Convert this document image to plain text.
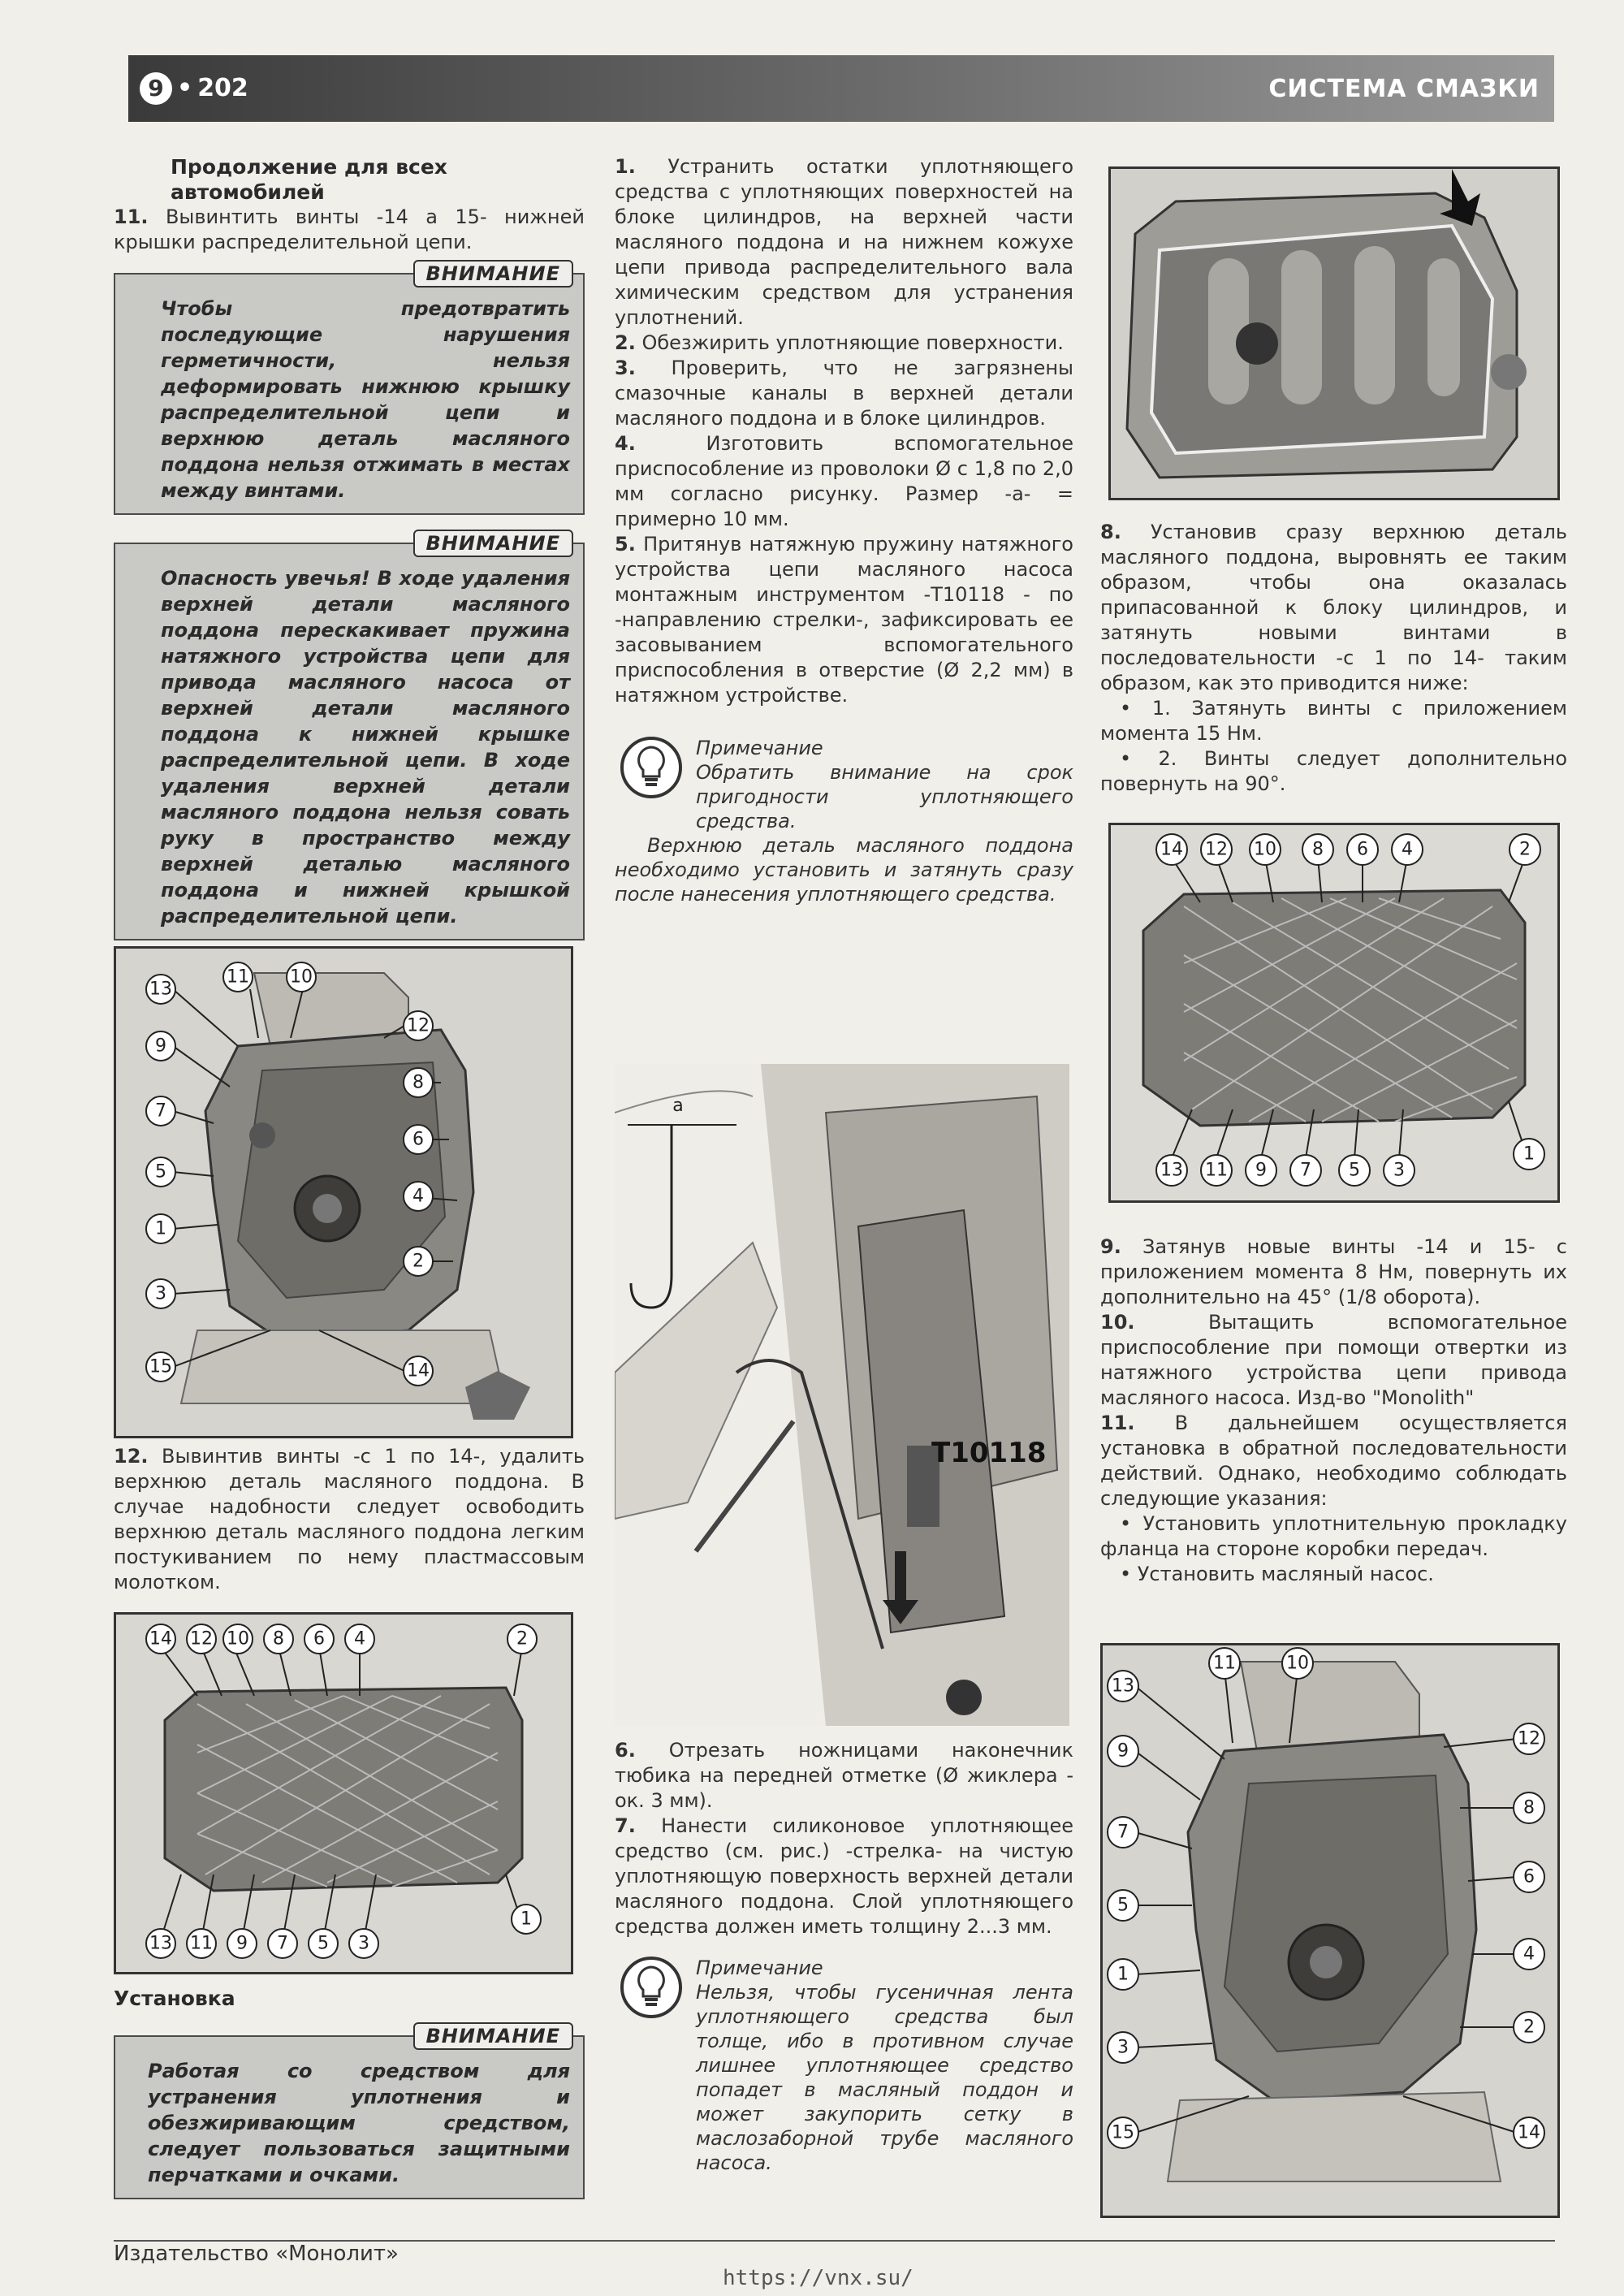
9 • 202	СИСТЕМА СМАЗКИ
Продолжение для всех автомобилей

11. Вывинтить винты -14 а 15- нижней крышки распределительной цепи.

ВНИМАНИЕ

Чтобы предотвратить последующие нарушения герметичности, нельзя деформировать нижнюю крышку распределительной цепи и верхнюю деталь масляного поддона нельзя отжимать в местах между винтами.

ВНИМАНИЕ

Опасность увечья! В ходе удаления верхней детали масляного поддона перескакивает пружина натяжного устройства цепи для привода масляного насоса от верхней детали масляного поддона к нижней крышке распределительной цепи. В ходе удаления верхней детали масляного поддона нельзя совать руку в пространство между верхней деталью масляного поддона и нижней крышкой распределительной цепи.

13
11 10
12
9
8
7
6
5
4
1
2
3
15	14

12. Вывинтив винты -с 1 по 14-, удалить верхнюю деталь масляного поддона. В случае надобности следует освободить верхнюю деталь масляного поддона легким постукиванием по нему пластмассовым молотком.

14 12 10 8 6 4	2
13 11 9 7 5 3
1
Установка
ВНИМАНИЕ

Работая со средством для устранения уплотнения и обезжиривающим средством, следует пользоваться защитными перчатками и очками.

1. Устранить остатки уплотняющего средства с уплотняющих поверхностей на блоке цилиндров, на верхней части масляного поддона и на нижнем кожухе цепи привода распределительного вала химическим средством для устранения уплотнений.

2. Обезжирить уплотняющие поверхности.

3. Проверить, что не загрязнены смазочные каналы в верхней детали масляного поддона и в блоке цилиндров.

4.	Изготовить вспомогательное приспособление из проволоки Ø с 1,8 по 2,0 мм согласно рисунку. Размер -а- = примерно 10 мм.

5. Притянув натяжную пружину натяжного устройства цепи масляного насоса монтажным инструментом -T10118 - по -направлению стрелки-, зафиксировать ее засовыванием вспомогательного приспособления в отверстие (Ø 2,2 мм) в натяжном устройстве.

Примечание

Обратить внимание на срок пригодности уплотняющего средства.

Верхнюю деталь масляного поддона необходимо установить и затянуть сразу после нанесения уплотняющего средства.

a
T10118

6. Отрезать ножницами наконечник тюбика на передней отметке (Ø жиклера - ок. 3 мм).

7. Нанести силиконовое уплотняющее средство (см. рис.) -стрелка- на чистую уплотняющую поверхность верхней детали масляного поддона. Слой уплотняющего средства должен иметь толщину 2...3 мм.

Примечание

Нельзя, чтобы гусеничная лента уплотняющего средства был толще, ибо в противном случае лишнее уплотняющее средство попадет в масляный поддон и может закупорить сетку в маслозаборной трубе масляного насоса.

8. Установив сразу верхнюю деталь масляного поддона, выровнять ее таким образом, чтобы она оказалась припасованной к блоку цилиндров, и затянуть новыми винтами в последовательности -с 1 по 14- таким образом, как это приводится ниже:

• 1. Затянуть винты с приложением момента 15 Нм.

• 2. Винты следует дополнительно повернуть на 90°.

14 12 10 8 6 4	2
13 11 9 7 5 3
1

9. Затянув новые винты -14 и 15- с приложением момента 8 Нм, повернуть их дополнительно на 45° (1/8 оборота).

10.	Вытащить вспомогательное приспособление при помощи отвертки из натяжного устройства цепи привода масляного насоса. Изд-во "Monolith"

11. В дальнейшем осуществляется установка в обратной последовательности действий. Однако, необходимо соблюдать следующие указания:

• Установить уплотнительную прокладку фланца на стороне коробки передач.

• Установить масляный насос.

13
11	10
12
9
8
7
6
5
4
1
2
3
15	14
Издательство «Монолит»
https://vnx.su/
